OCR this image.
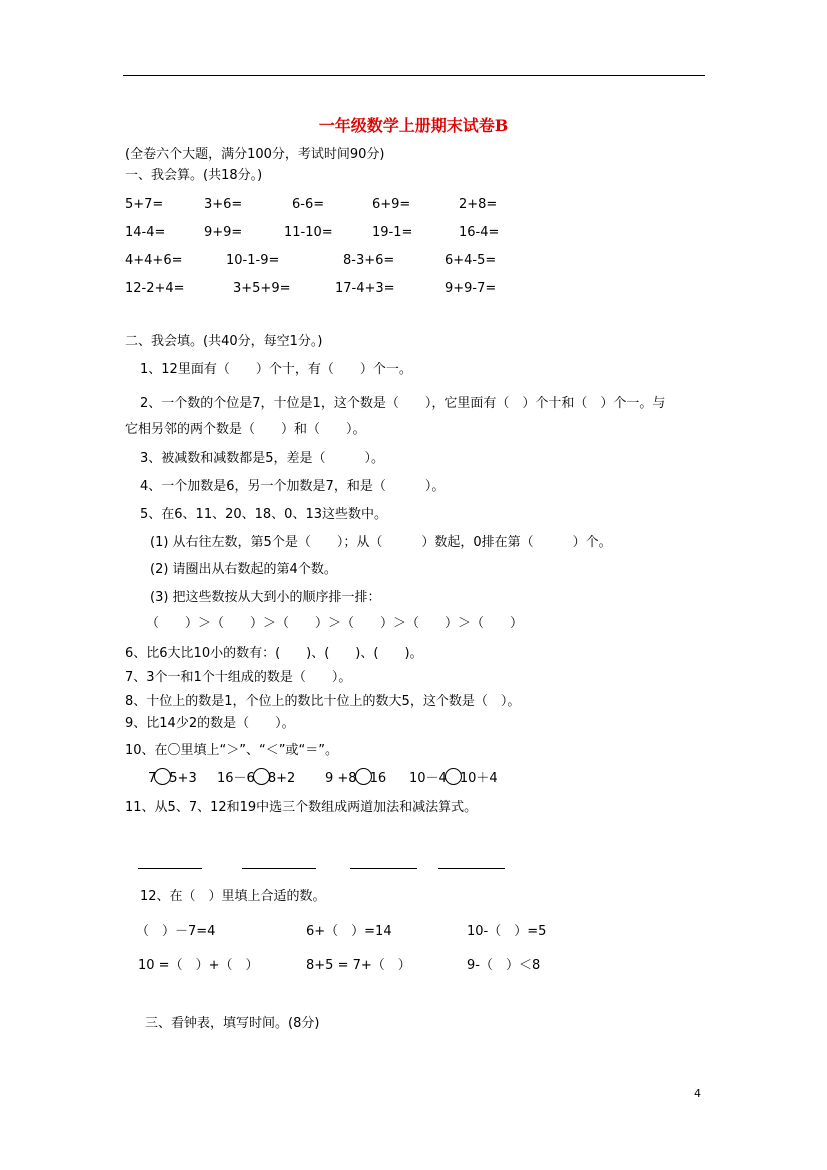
一年级数学上册期末试卷B
(全卷六个大题，满分100分，考试时间90分)
一、我会算。(共18分。)
5+7=	3+6=	6-6=	6+9=	2+8=
14-4=	9+9=	11-10=	19-1=	16-4=
4+4+6=	10-1-9=	8-3+6=	6+4-5=
12-2+4=	3+5+9=	17-4+3=	9+9-7=
二、我会填。(共40分，每空1分。)
1、12里面有（　　）个十，有（　　）个一。
2、一个数的个位是7，十位是1，这个数是（　　），它里面有（　）个十和（　）个一。与
它相另邻的两个数是（　　）和（　　）。
3、被减数和减数都是5，差是（　　　）。
4、一个加数是6，另一个加数是7，和是（　　　）。
5、在6、11、20、18、0、13这些数中。
(1) 从右往左数，第5个是（　　）；从（　　　）数起，0排在第（　　　）个。
(2) 请圈出从右数起的第4个数。
(3) 把这些数按从大到小的顺序排一排：
（　　）＞（　　）＞（　　）＞（　　）＞（　　）＞（　　）
6、比6大比10小的数有：(　　)、(　　)、(　　)。
7、3个一和1个十组成的数是（　　）。
8、十位上的数是1，个位上的数比十位上的数大5，这个数是（　）。
9、比14少2的数是（　　）。
10、在〇里填上“＞”、“＜”或“＝”。
7 5+3 16－6 8+2 9 +8 16 10－4 10＋4
11、从5、7、12和19中选三个数组成两道加法和减法算式。
12、在（　）里填上合适的数。
（　）－7=4	6+（　）=14	10-（　）=5
10 =（　）+（　）	8+5 = 7+（　）	9-（　）＜8
三、看钟表，填写时间。(8分)
4
